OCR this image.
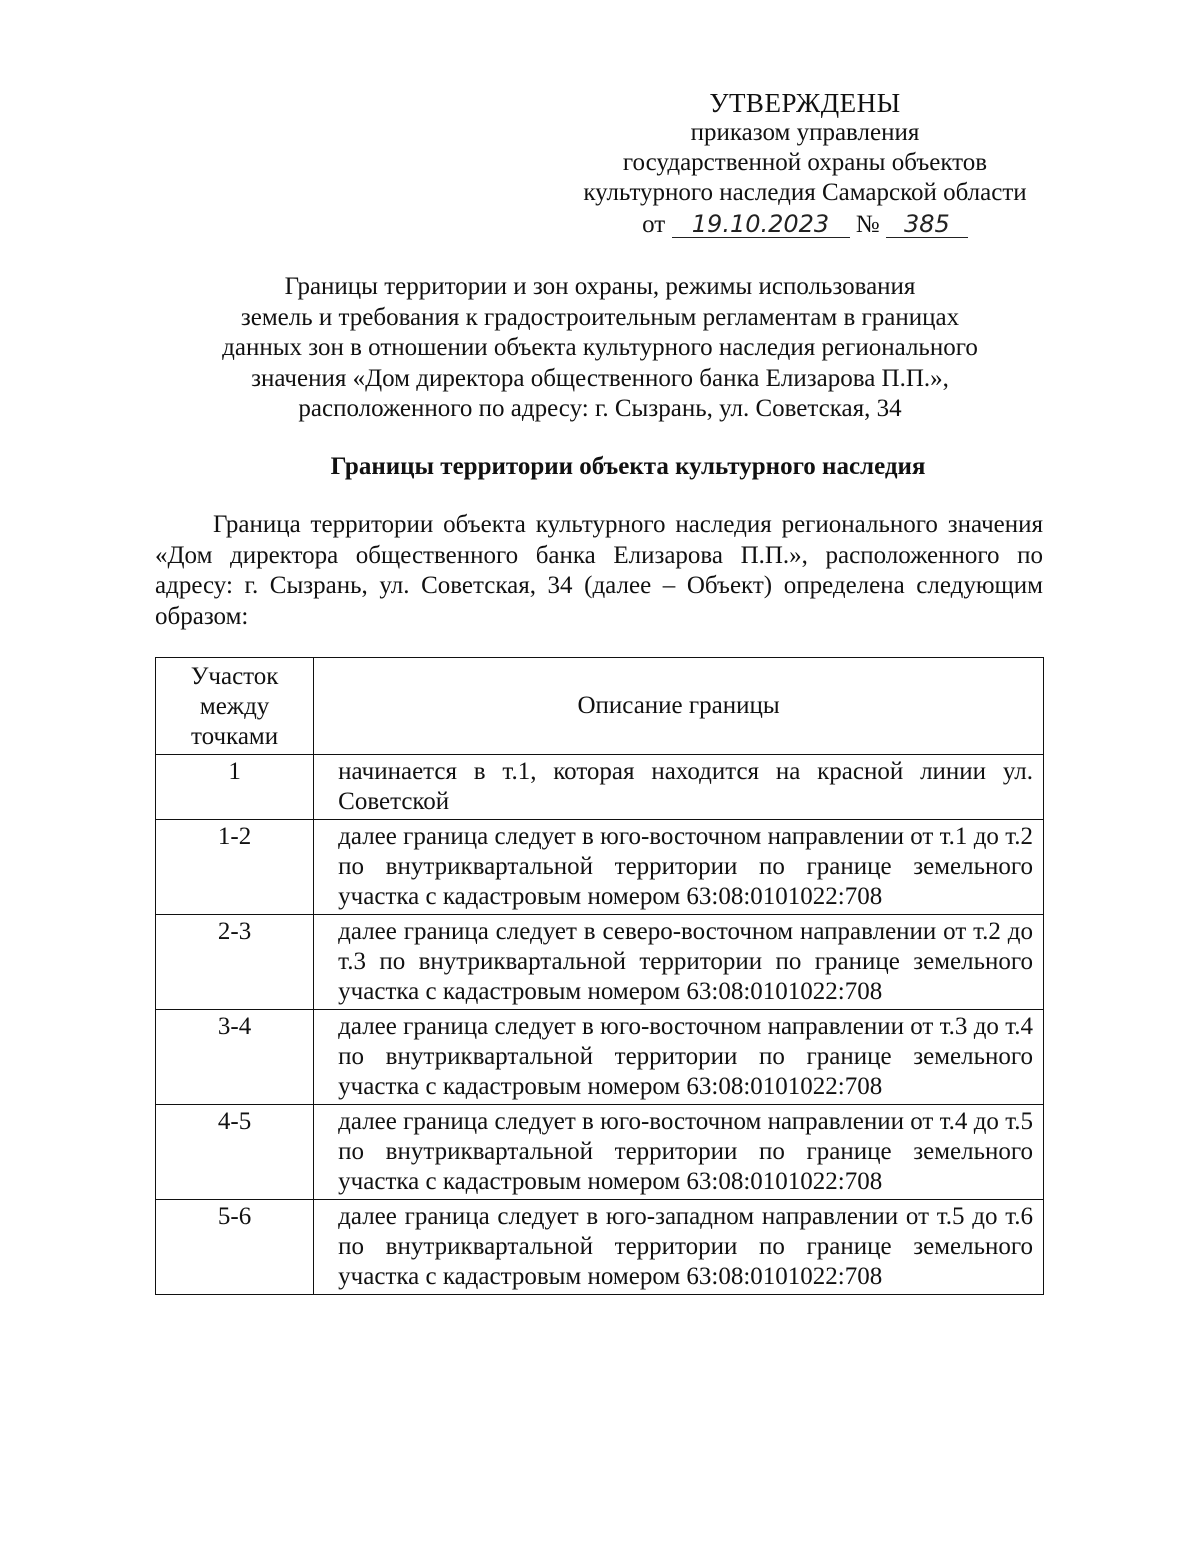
УТВЕРЖДЕНЫ
приказом управления
государственной охраны объектов
культурного наследия Самарской области
от 19.10.2023 № 385
Границы территории и зон охраны, режимы использования
земель и требования к градостроительным регламентам в границах
данных зон в отношении объекта культурного наследия регионального
значения «Дом директора общественного банка Елизарова П.П.»,
расположенного по адресу: г. Сызрань, ул. Советская, 34
Границы территории объекта культурного наследия
Граница территории объекта культурного наследия регионального значения «Дом директора общественного банка Елизарова П.П.», расположенного по адресу: г. Сызрань, ул. Советская, 34 (далее – Объект) определена следующим образом:
Участок
между
точками	Описание границы
1	начинается в т.1, которая находится на красной линии ул. Советской
1-2	далее граница следует в юго-восточном направлении от т.1 до т.2 по внутриквартальной территории по границе земельного участка с кадастровым номером 63:08:0101022:708
2-3	далее граница следует в северо-восточном направлении от т.2 до т.3 по внутриквартальной территории по границе земельного участка с кадастровым номером 63:08:0101022:708
3-4	далее граница следует в юго-восточном направлении от т.3 до т.4 по внутриквартальной территории по границе земельного участка с кадастровым номером 63:08:0101022:708
4-5	далее граница следует в юго-восточном направлении от т.4 до т.5 по внутриквартальной территории по границе земельного участка с кадастровым номером 63:08:0101022:708
5-6	далее граница следует в юго-западном направлении от т.5 до т.6 по внутриквартальной территории по границе земельного участка с кадастровым номером 63:08:0101022:708
